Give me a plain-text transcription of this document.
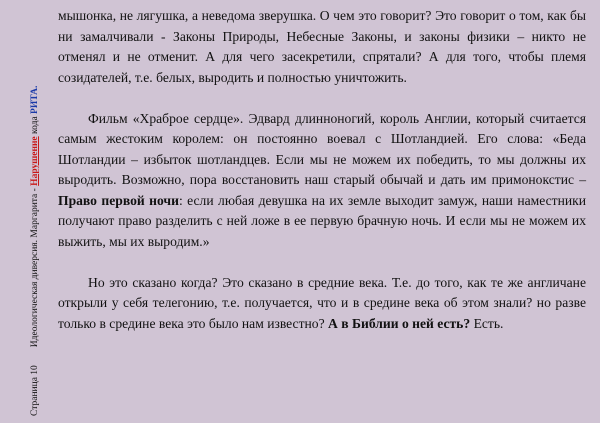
Страница 10Идеологическая диверсия. Маргарита - Нарушение кода РИТА.

мышонка, не лягушка, а неведома зверушка. О чем это говорит? Это говорит о том, как бы ни замалчивали - Законы Природы, Небесные Законы, и законы физики – никто не отменял и не отменит. А для чего засекретили, спрятали? А для того, чтобы племя созидателей, т.е. белых, выродить и полностью уничтожить.

Фильм «Храброе сердце». Эдвард длинноногий, король Англии, который считается самым жестоким королем: он постоянно воевал с Шотландией. Его слова: «Беда Шотландии – избыток шотландцев. Если мы не можем их победить, то мы должны их выродить. Возможно, пора восстановить наш старый обычай и дать им примонокстис – Право первой ночи: если любая девушка на их земле выходит замуж, наши наместники получают право разделить с ней ложе в ее первую брачную ночь. И если мы не можем их выжить, мы их выродим.»

Но это сказано когда? Это сказано в средние века. Т.е. до того, как те же англичане открыли у себя телегонию, т.е. получается, что и в средине века об этом знали? но разве только в средине века это было нам известно? А в Библии о ней есть? Есть.
